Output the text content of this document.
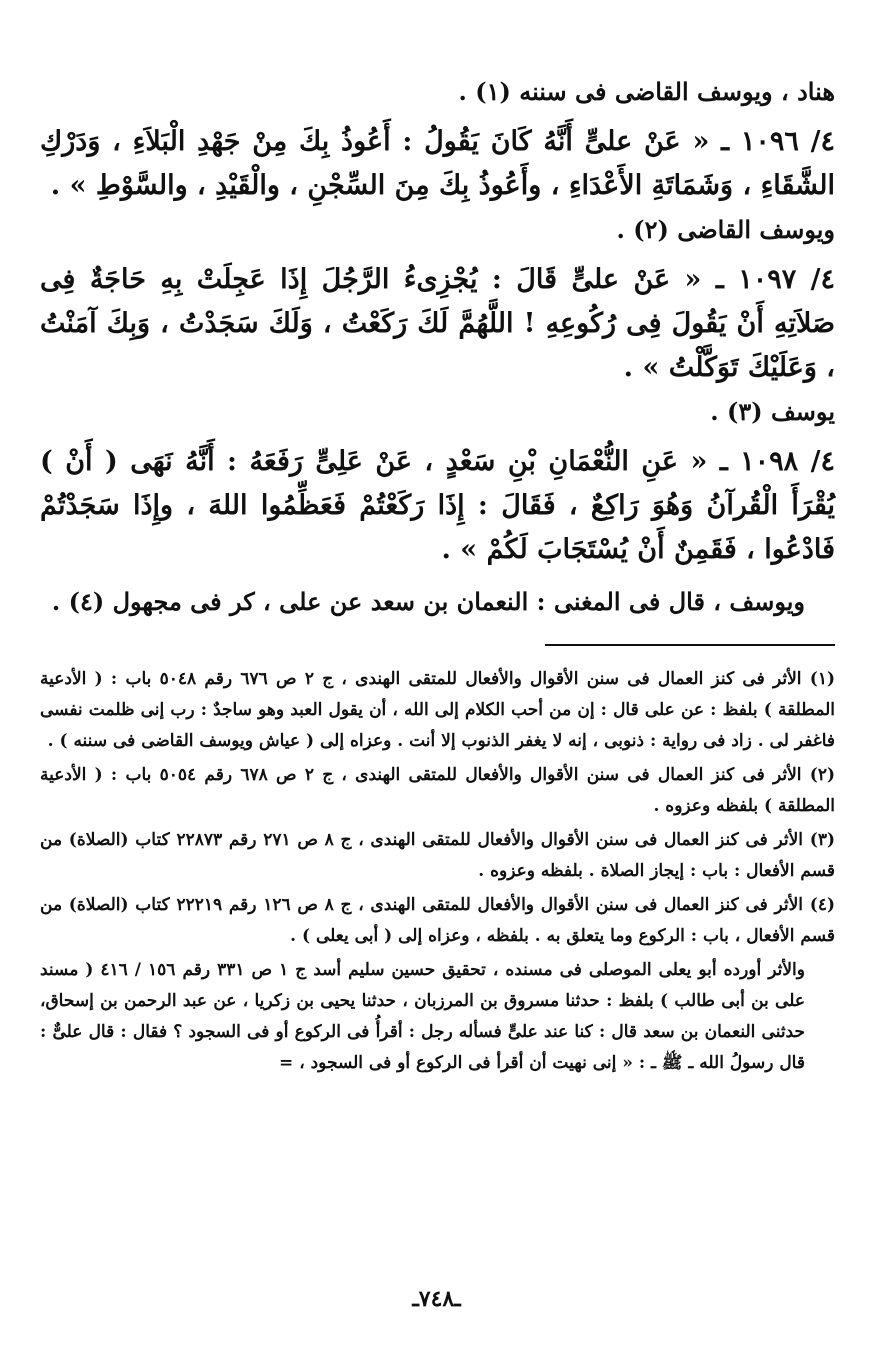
هناد ، ويوسف القاضى فى سننه (١) .

٤/ ١٠٩٦ ـ « عَنْ علىٍّ أَنَّهُ كَانَ يَقُولُ : أَعُوذُ بِكَ مِنْ جَهْدِ الْبَلاَءِ ، وَدَرْكِ الشَّقَاءِ ، وَشَمَاتَةِ الأَعْدَاءِ ، وأَعُوذُ بِكَ مِنَ السِّجْنِ ، والْقَيْدِ ، والسَّوْطِ » .

ويوسف القاضى (٢) .

٤/ ١٠٩٧ ـ « عَنْ علىٍّ قَالَ : يُجْزِىءُ الرَّجُلَ إِذَا عَجِلَتْ بِهِ حَاجَةٌ فِى صَلاَتِهِ أَنْ يَقُولَ فِى رُكُوعِهِ ! اللَّهُمَّ لَكَ رَكَعْتُ ، وَلَكَ سَجَدْتُ ، وَبِكَ آمَنْتُ ، وَعَلَيْكَ تَوَكَّلْتُ » .

يوسف (٣) .

٤/ ١٠٩٨ ـ « عَنِ النُّعْمَانِ بْنِ سَعْدٍ ، عَنْ عَلِىٍّ رَفَعَهُ : أَنَّهُ نَهَى ( أَنْ ) يُقْرَأَ الْقُرآنُ وَهُوَ رَاكِعٌ ، فَقَالَ : إِذَا رَكَعْتُمْ فَعَظِّمُوا اللهَ ، وإِذَا سَجَدْتُمْ فَادْعُوا ، فَقَمِنٌ أَنْ يُسْتَجَابَ لَكُمْ » .

ويوسف ، قال فى المغنى : النعمان بن سعد عن على ، كر فى مجهول (٤) .

(١) الأثر فى كنز العمال فى سنن الأقوال والأفعال للمتقى الهندى ، ج ٢ ص ٦٧٦ رقم ٥٠٤٨ باب : ( الأدعية المطلقة ) بلفظ : عن على قال : إن من أحب الكلام إلى الله ، أن يقول العبد وهو ساجدٌ : رب إنى ظلمت نفسى فاغفر لى . زاد فى رواية : ذنوبى ، إنه لا يغفر الذنوب إلا أنت . وعزاه إلى ( عياش ويوسف القاضى فى سننه ) .

(٢) الأثر فى كنز العمال فى سنن الأقوال والأفعال للمتقى الهندى ، ج ٢ ص ٦٧٨ رقم ٥٠٥٤ باب : ( الأدعية المطلقة ) بلفظه وعزوه .

(٣) الأثر فى كنز العمال فى سنن الأقوال والأفعال للمتقى الهندى ، ج ٨ ص ٢٧١ رقم ٢٢٨٧٣ كتاب (الصلاة) من قسم الأفعال : باب : إيجاز الصلاة . بلفظه وعزوه .

(٤) الأثر فى كنز العمال فى سنن الأقوال والأفعال للمتقى الهندى ، ج ٨ ص ١٢٦ رقم ٢٢٢١٩ كتاب (الصلاة) من قسم الأفعال ، باب : الركوع وما يتعلق به . بلفظه ، وعزاه إلى ( أبى يعلى ) .

والأثر أورده أبو يعلى الموصلى فى مسنده ، تحقيق حسين سليم أسد ج ١ ص ٣٣١ رقم ١٥٦ / ٤١٦ ( مسند على بن أبى طالب ) بلفظ : حدثنا مسروق بن المرزبان ، حدثنا يحيى بن زكريا ، عن عبد الرحمن بن إسحاق، حدثنى النعمان بن سعد قال : كنا عند علىٍّ فسأله رجل : أقرأُ فى الركوع أو فى السجود ؟ فقال : قال علىٌّ : قال رسولُ الله ـ ﷺ ـ : « إنى نهيت أن أقرأ فى الركوع أو فى السجود ، =

ـ٧٤٨ـ
